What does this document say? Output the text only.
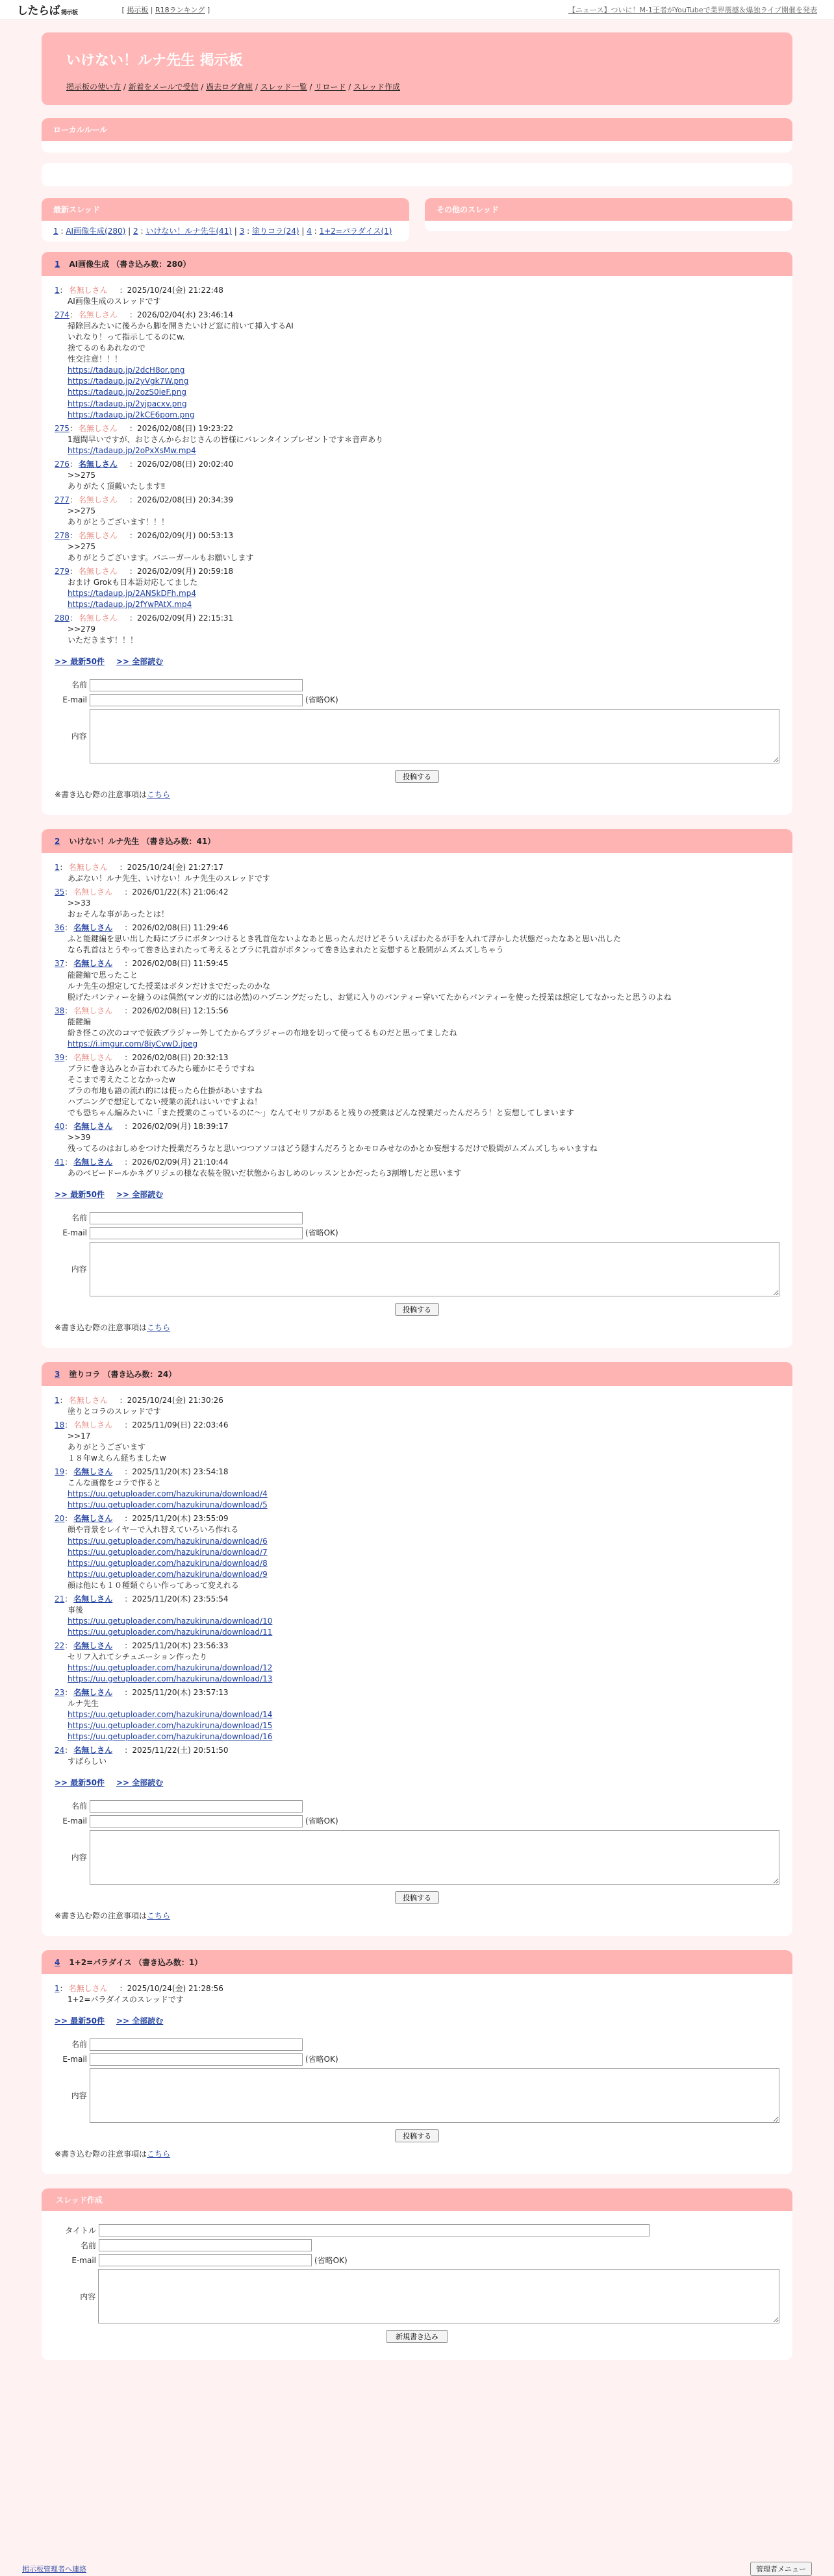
したらば 掲示板	[ 掲示板 | R18ランキング ]	【ニュース】ついに！M-1王者がYouTubeで業界震撼＆爆独ライブ開催を発表
いけない！ルナ先生 掲示板
掲示板の使い方 / 新着をメールで受信 / 過去ログ倉庫 / スレッド一覧 / リロード / スレッド作成
ローカルルール
最新スレッド
1 : AI画像生成(280) | 2 : いけない！ルナ先生(41) | 3 : 塗りコラ(24) | 4 : 1+2=パラダイス(1)
その他のスレッド
1 AI画像生成 （書き込み数：280）
1： 名無しさん ：2025/10/24(金) 21:22:48
AI画像生成のスレッドです
274： 名無しさん ：2026/02/04(水) 23:46:14
掃除回みたいに後ろから脚を開きたいけど窓に前いて挿入するAI
いれなり！って指示してるのにw.
捨てるのもあれなので
性交注意！！！
https://tadaup.jp/2dcH8or.png
https://tadaup.jp/2yVgk7W.png
https://tadaup.jp/2ozS0ieF.png
https://tadaup.jp/2yjpacxv.png
https://tadaup.jp/2kCE6pom.png
275： 名無しさん ：2026/02/08(日) 19:23:22
1週間早いですが、おじさんからおじさんの皆様にバレンタインプレゼントです＊音声あり
https://tadaup.jp/2oPxXsMw.mp4
276： 名無しさん ：2026/02/08(日) 20:02:40
>>275
ありがたく頂戴いたします‼
277： 名無しさん ：2026/02/08(日) 20:34:39
>>275
ありがとうございます！！！
278： 名無しさん ：2026/02/09(月) 00:53:13
>>275
ありがとうございます。バニーガールもお願いします
279： 名無しさん ：2026/02/09(月) 20:59:18
おまけ Grokも日本語対応してました

https://tadaup.jp/2ANSkDFh.mp4
https://tadaup.jp/2fYwPAtX.mp4
280： 名無しさん ：2026/02/09(月) 22:15:31
>>279
いただきます！！！
>> 最新50件 >> 全部読む
名前
E-mail	(省略OK)
内容
投稿する
※書き込む際の注意事項はこちら
2 いけない！ルナ先生 （書き込み数：41）
1： 名無しさん ：2025/10/24(金) 21:27:17
あぶない！ルナ先生、いけない！ルナ先生のスレッドです
35： 名無しさん ：2026/01/22(木) 21:06:42
>>33
おぉそんな事があったとは！
36： 名無しさん ：2026/02/08(日) 11:29:46
ふと能鍵編を思い出した時にブラにボタンつけるとき乳首危ないよなあと思ったんだけどそういえばわたるが手を入れて浮かした状態だったなあと思い出した
なら乳首はとうやって巻き込まれたって考えるとブラに乳首がボタンって巻き込まれたと妄想すると股間がムズムズしちゃう
37： 名無しさん ：2026/02/08(日) 11:59:45
能鍵編で思ったこと
ルナ先生の想定してた授業はボタンだけまでだったのかな
脱げたパンティーを縫うのは偶然(マンガ的には必然)のハプニングだったし、お覚に入りのパンティー穿いてたからパンティーを使った授業は想定してなかったと思うのよね
38： 名無しさん ：2026/02/08(日) 12:15:56
能鍵編
紛き怪この次のコマで仮鉄ブラジャー外してたからブラジャーの布地を切って使ってるものだと思ってましたね
https://i.imgur.com/8iyCvwD.jpeg
39： 名無しさん ：2026/02/08(日) 20:32:13
ブラに巻き込みとか言われてみたら確かにそうですね
そこまで考えたことなかったw
ブラの布地も語の流れ的には使ったら仕掛があいますね
ハプニングで想定してない授業の流れはいいですよね！
でも恐ちゃん編みたいに「また授業のこっているのに～」なんてセリフがあると残りの授業はどんな授業だったんだろう！と妄想してしまいます
40： 名無しさん ：2026/02/09(月) 18:39:17
>>39
残ってるのはおしめをつけた授業だろうなと思いつつアソコはどう隠すんだろうとかモロみせなのかとか妄想するだけで股間がムズムズしちゃいますね
41： 名無しさん ：2026/02/09(月) 21:10:44
あのベビードールかネグリジェの様な衣装を脱いだ状態からおしめのレッスンとかだったら3割増しだと思います
>> 最新50件 >> 全部読む
名前
E-mail	(省略OK)
内容
投稿する
※書き込む際の注意事項はこちら
3 塗りコラ （書き込み数：24）
1： 名無しさん ：2025/10/24(金) 21:30:26
塗りとコラのスレッドです
18： 名無しさん ：2025/11/09(日) 22:03:46
>>17
ありがとうございます
１８年wえらん経ちましたw
19： 名無しさん ：2025/11/20(木) 23:54:18
こんな画像をコラで作ると
https://uu.getuploader.com/hazukiruna/download/4
https://uu.getuploader.com/hazukiruna/download/5
20： 名無しさん ：2025/11/20(木) 23:55:09
顔や背景をレイヤーで入れ替えていろいろ作れる
https://uu.getuploader.com/hazukiruna/download/6
https://uu.getuploader.com/hazukiruna/download/7
https://uu.getuploader.com/hazukiruna/download/8
https://uu.getuploader.com/hazukiruna/download/9
顔は他にも１０種類ぐらい作ってあって変えれる
21： 名無しさん ：2025/11/20(木) 23:55:54
事後
https://uu.getuploader.com/hazukiruna/download/10
https://uu.getuploader.com/hazukiruna/download/11
22： 名無しさん ：2025/11/20(木) 23:56:33
セリフ入れてシチュエーション作ったり
https://uu.getuploader.com/hazukiruna/download/12
https://uu.getuploader.com/hazukiruna/download/13
23： 名無しさん ：2025/11/20(木) 23:57:13
ルナ先生
https://uu.getuploader.com/hazukiruna/download/14
https://uu.getuploader.com/hazukiruna/download/15
https://uu.getuploader.com/hazukiruna/download/16
24： 名無しさん ：2025/11/22(土) 20:51:50
すばらしい
>> 最新50件 >> 全部読む
名前
E-mail	(省略OK)
内容
投稿する
※書き込む際の注意事項はこちら
4 1+2=パラダイス （書き込み数：1）
1： 名無しさん ：2025/10/24(金) 21:28:56
1+2=パラダイスのスレッドです
>> 最新50件 >> 全部読む
名前
E-mail	(省略OK)
内容
投稿する
※書き込む際の注意事項はこちら
スレッド作成
タイトル
名前
E-mail	(省略OK)
内容
新規書き込み
掲示板管理者へ連絡	管理者メニュー
